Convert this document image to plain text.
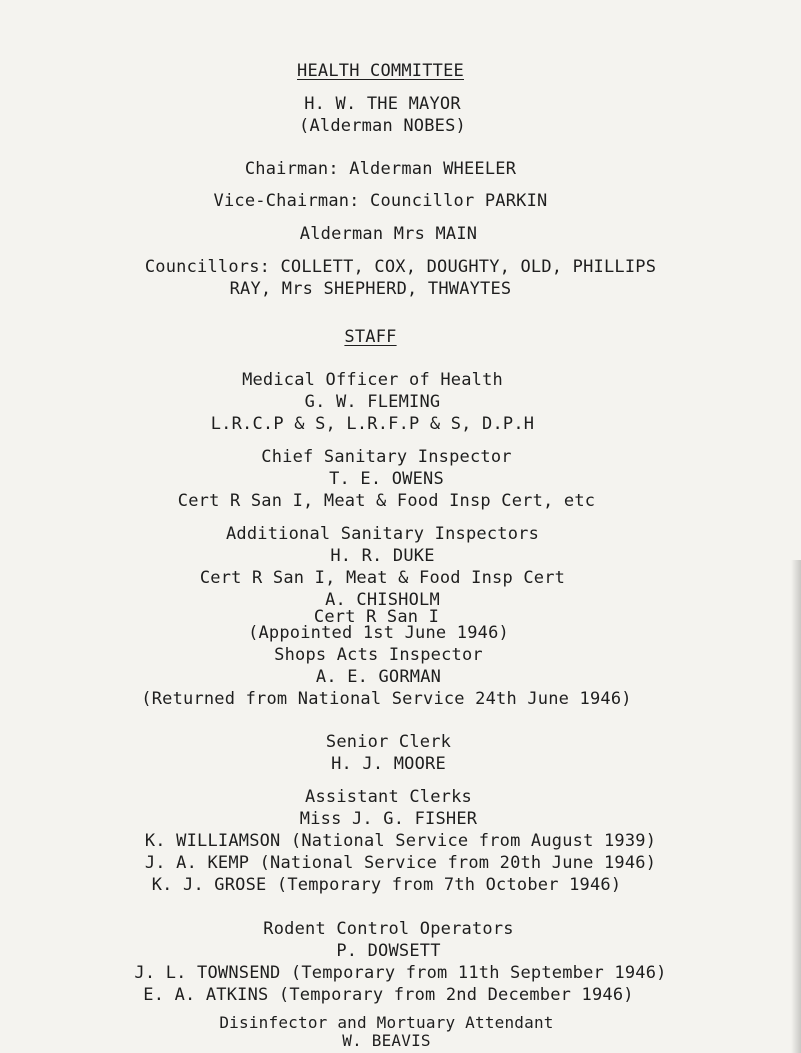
HEALTH COMMITTEE
H. W. THE MAYOR
(Alderman NOBES)
Chairman: Alderman WHEELER
Vice-Chairman: Councillor PARKIN
Alderman Mrs MAIN
Councillors: COLLETT, COX, DOUGHTY, OLD, PHILLIPS
RAY, Mrs SHEPHERD, THWAYTES
STAFF
Medical Officer of Health
G. W. FLEMING
L.R.C.P & S, L.R.F.P & S, D.P.H
Chief Sanitary Inspector
T. E. OWENS
Cert R San I, Meat & Food Insp Cert, etc
Additional Sanitary Inspectors
H. R. DUKE
Cert R San I, Meat & Food Insp Cert
A. CHISHOLM
Cert R San I
(Appointed 1st June 1946)
Shops Acts Inspector
A. E. GORMAN
(Returned from National Service 24th June 1946)
Senior Clerk
H. J. MOORE
Assistant Clerks
Miss J. G. FISHER
K. WILLIAMSON (National Service from August 1939)
J. A. KEMP (National Service from 20th June 1946)
K. J. GROSE (Temporary from 7th October 1946)
Rodent Control Operators
P. DOWSETT
J. L. TOWNSEND (Temporary from 11th September 1946)
E. A. ATKINS (Temporary from 2nd December 1946)
Disinfector and Mortuary Attendant
W. BEAVIS
